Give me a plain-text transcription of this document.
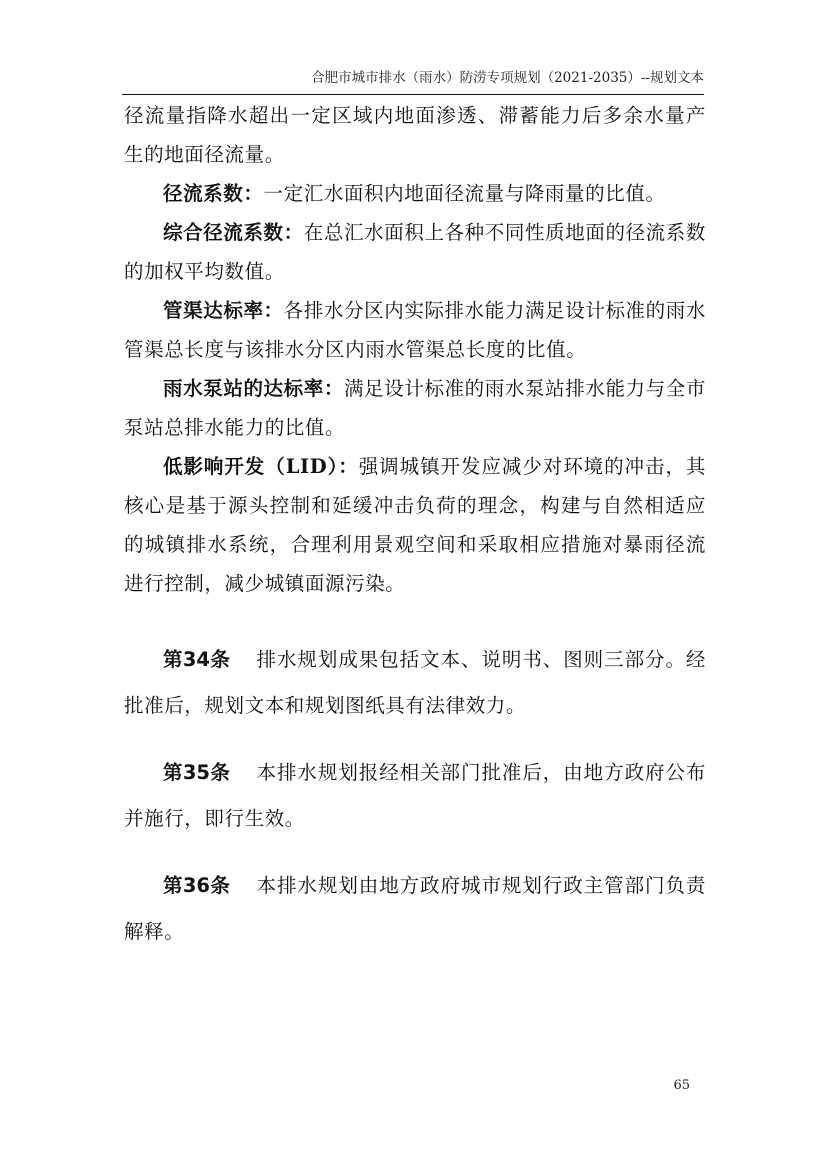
合肥市城市排水（雨水）防涝专项规划（2021-2035）--规划文本

径流量指降水超出一定区域内地面渗透、滞蓄能力后多余水量产生的地面径流量。

径流系数：一定汇水面积内地面径流量与降雨量的比值。

综合径流系数：在总汇水面积上各种不同性质地面的径流系数的加权平均数值。

管渠达标率：各排水分区内实际排水能力满足设计标准的雨水管渠总长度与该排水分区内雨水管渠总长度的比值。

雨水泵站的达标率：满足设计标准的雨水泵站排水能力与全市泵站总排水能力的比值。

低影响开发（LID）：强调城镇开发应减少对环境的冲击，其核心是基于源头控制和延缓冲击负荷的理念，构建与自然相适应的城镇排水系统，合理利用景观空间和采取相应措施对暴雨径流进行控制，减少城镇面源污染。

第34条 排水规划成果包括文本、说明书、图则三部分。经批准后，规划文本和规划图纸具有法律效力。

第35条 本排水规划报经相关部门批准后，由地方政府公布并施行，即行生效。

第36条 本排水规划由地方政府城市规划行政主管部门负责解释。

65
